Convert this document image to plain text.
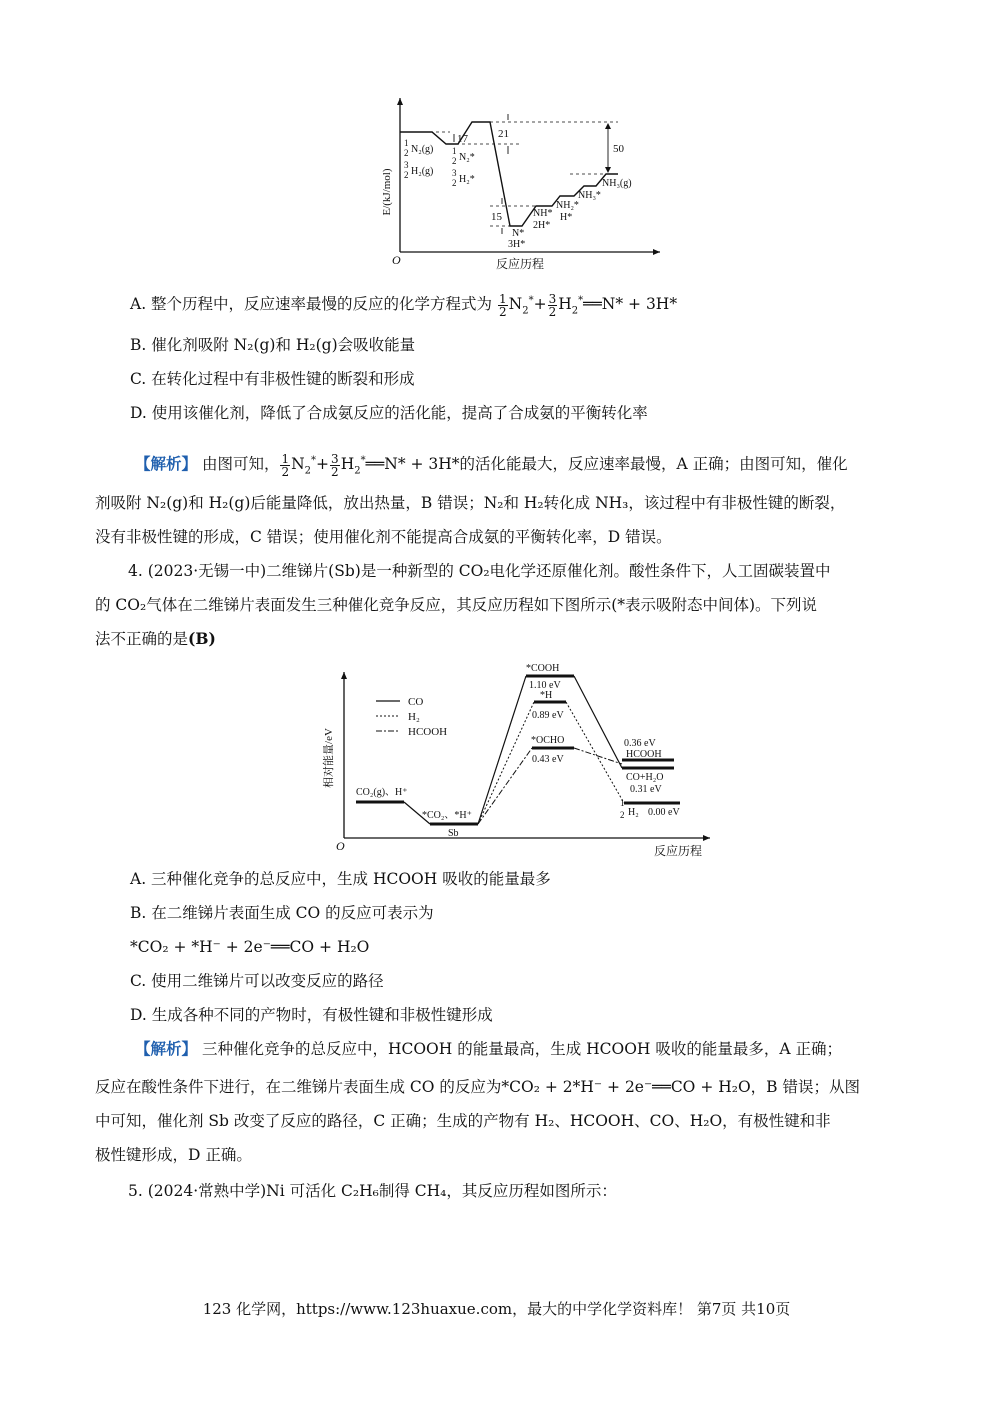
E/(kJ/mol)
O	反应历程
50
17	21
15
1
2 N₂(g)
3
2 H₂(g)
1
2 N₂*
3
2 H₂*
N*
3H*
NH*
2H*
NH₂*
H*
NH₃*
NH₃(g)
A. 整个历程中，反应速率最慢的反应的化学方程式为 $\frac{1}{2} N_2^*+ \frac{3}{2}$ $H_2^*══N* + 3H*$
B. 催化剂吸附 N₂(g)和 H₂(g)会吸收能量
C. 在转化过程中有非极性键的断裂和形成
D. 使用该催化剂，降低了合成氨反应的活化能，提高了合成氨的平衡转化率
【解析】 由图可知， $\frac{1}{2} N_2^*+ \frac{3}{2}$ $H_2^*══N* + 3H*$的活化能最大，反应速率最慢，A 正确；由图可知，催化
剂吸附 N₂(g)和 H₂(g)后能量降低，放出热量，B 错误；N₂和 H₂转化成 NH₃，该过程中有非极性键的断裂，
没有非极性键的形成，C 错误；使用催化剂不能提高合成氨的平衡转化率，D 错误。
4. (2023·无锡一中)二维锑片(Sb)是一种新型的 CO₂电化学还原催化剂。酸性条件下，人工固碳装置中
的 CO₂气体在二维锑片表面发生三种催化竞争反应，其反应历程如下图所示(*表示吸附态中间体)。下列说
法不正确的是(B)
相对能量/eV
O	反应历程
CO
H₂
HCOOH
CO₂(g)、H⁺
*CO₂、*H⁺
Sb
*COOH
1.10 eV
*H
0.89 eV
*OCHO
0.43 eV
0.36 eV
HCOOH
CO+H₂O
0.31 eV
1
2 H₂ 0.00 eV
A. 三种催化竞争的总反应中，生成 HCOOH 吸收的能量最多
B. 在二维锑片表面生成 CO 的反应可表示为
*CO₂ + *H⁻ + 2e⁻══CO + H₂O
C. 使用二维锑片可以改变反应的路径
D. 生成各种不同的产物时，有极性键和非极性键形成
【解析】 三种催化竞争的总反应中，HCOOH 的能量最高，生成 HCOOH 吸收的能量最多，A 正确；
反应在酸性条件下进行，在二维锑片表面生成 CO 的反应为*CO₂ + 2*H⁻ + 2e⁻══CO + H₂O，B 错误；从图
中可知，催化剂 Sb 改变了反应的路径，C 正确；生成的产物有 H₂、HCOOH、CO、H₂O，有极性键和非
极性键形成，D 正确。
5. (2024·常熟中学)Ni 可活化 C₂H₆制得 CH₄，其反应历程如图所示：
123 化学网，https://www.123huaxue.com，最大的中学化学资料库！ 第7页 共10页
